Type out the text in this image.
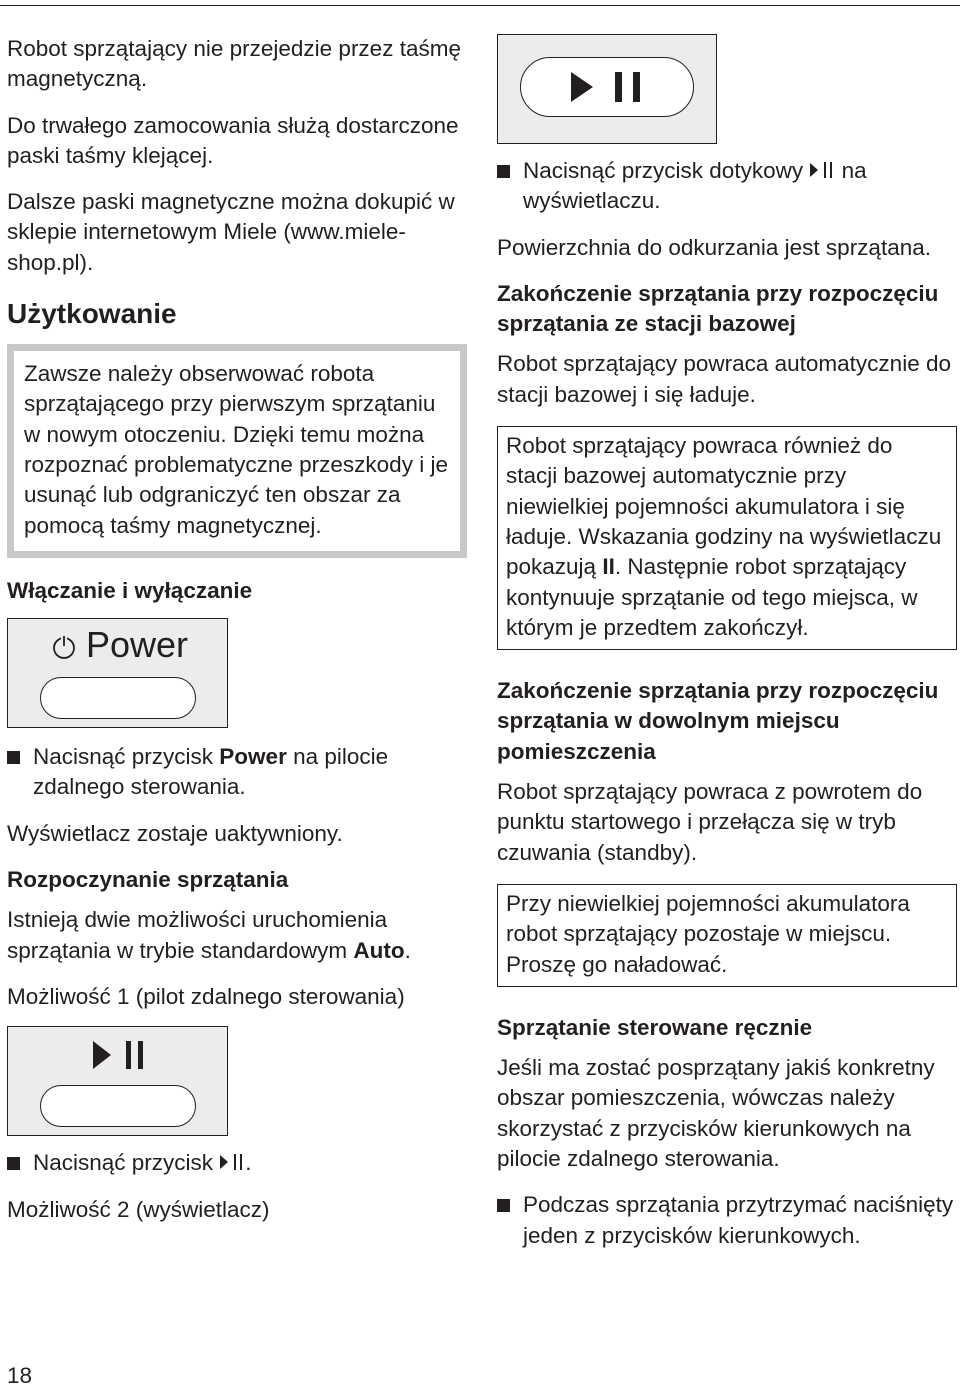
Robot sprzątający nie przejedzie przez taśmę magnetyczną.

Do trwałego zamocowania służą dostarczone paski taśmy klejącej.

Dalsze paski magnetyczne można dokupić w sklepie internetowym Miele (www.miele-shop.pl).

Użytkowanie

Zawsze należy obserwować robota sprzątającego przy pierwszym sprzątaniu w nowym otoczeniu. Dzięki temu można rozpoznać problematyczne przeszkody i je usunąć lub odgraniczyć ten obszar za pomocą taśmy magnetycznej.

Włączanie i wyłączanie
Power
Nacisnąć przycisk Power na pilocie zdalnego sterowania.

Wyświetlacz zostaje uaktywniony.

Rozpoczynanie sprzątania

Istnieją dwie możliwości uruchomienia sprzątania w trybie standardowym Auto.

Możliwość 1 (pilot zdalnego sterowania)

Nacisnąć przycisk .

Możliwość 2 (wyświetlacz)

Nacisnąć przycisk dotykowy  na wyświetlaczu.

Powierzchnia do odkurzania jest sprzątana.

Zakończenie sprzątania przy rozpoczęciu sprzątania ze stacji bazowej

Robot sprzątający powraca automatycznie do stacji bazowej i się ładuje.

Robot sprzątający powraca również do stacji bazowej automatycznie przy niewielkiej pojemności akumulatora i się ładuje. Wskazania godziny na wyświetlaczu pokazują II. Następnie robot sprzątający kontynuuje sprzątanie od tego miejsca, w którym je przedtem zakończył.

Zakończenie sprzątania przy rozpoczęciu sprzątania w dowolnym miejscu pomieszczenia

Robot sprzątający powraca z powrotem do punktu startowego i przełącza się w tryb czuwania (standby).

Przy niewielkiej pojemności akumulatora robot sprzątający pozostaje w miejscu. Proszę go naładować.

Sprzątanie sterowane ręcznie

Jeśli ma zostać posprzątany jakiś konkretny obszar pomieszczenia, wówczas należy skorzystać z przycisków kierunkowych na pilocie zdalnego sterowania.

Podczas sprzątania przytrzymać naciśnięty jeden z przycisków kierunkowych.
18
